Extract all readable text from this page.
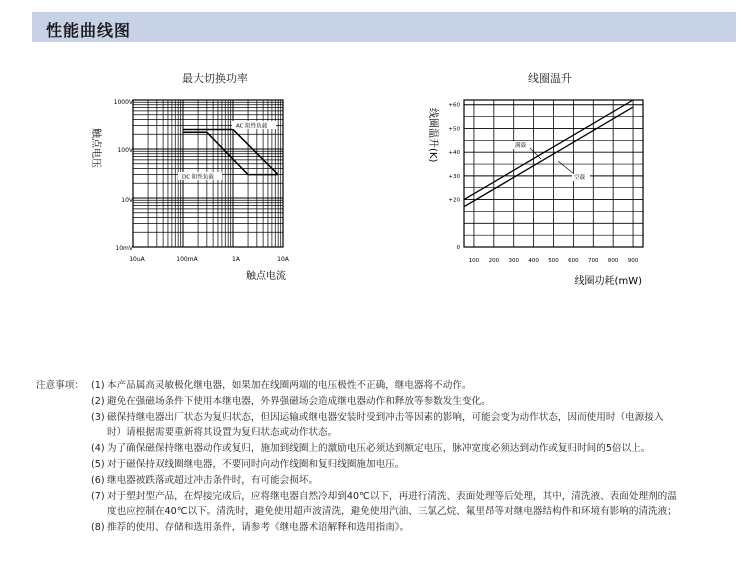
性能曲线图
最大切换功率
1000V
100V
10V
10mV
10uA	100mA	1A	10A
触点电压
触点电流
AC 阻性负载
DC 阻性负载
线圈温升
+60
+50
+40
+30
+20
0
100 200 300 400 500 600 700 800 900
线圈温升(K)
线圈功耗(mW)
满载
空载
注意事项： (1) 本产品属高灵敏极化继电器，如果加在线圈两端的电压极性不正确，继电器将不动作。
(2) 避免在强磁场条件下使用本继电器，外界强磁场会造成继电器动作和释放等参数发生变化。
(3) 磁保持继电器出厂状态为复归状态，但因运输或继电器安装时受到冲击等因素的影响，可能会变为动作状态，因而使用时（电源接入
时）请根据需要重新将其设置为复归状态或动作状态。
(4) 为了确保磁保持继电器动作或复归，施加到线圈上的激励电压必须达到额定电压，脉冲宽度必须达到动作或复归时间的5倍以上。
(5) 对于磁保持双线圈继电器，不要同时向动作线圈和复归线圈施加电压。
(6) 继电器被跌落或超过冲击条件时，有可能会损坏。
(7) 对于塑封型产品，在焊接完成后，应将继电器自然冷却到40℃以下，再进行清洗、表面处理等后处理，其中，清洗液、表面处理剂的温
度也应控制在40℃以下。清洗时，避免使用超声波清洗，避免使用汽油、三氯乙烷、氟里昂等对继电器结构件和环境有影响的清洗液；
(8) 推荐的使用、存储和选用条件，请参考《继电器术语解释和选用指南》。
